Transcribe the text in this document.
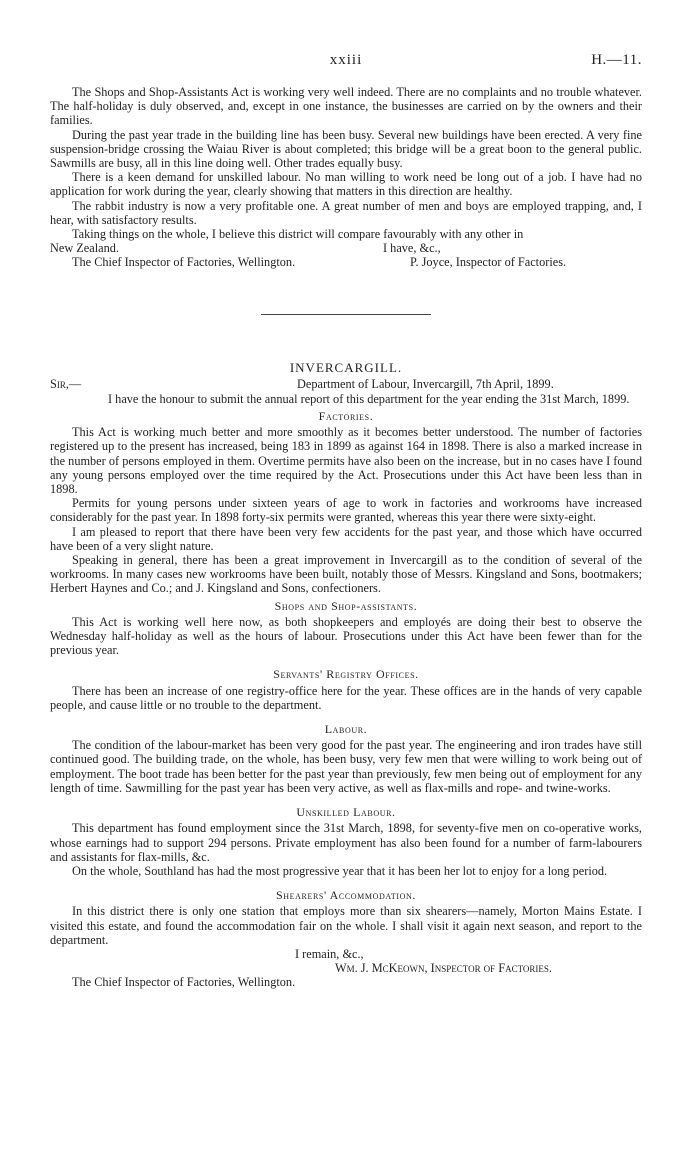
xxiii	H.—11.

The Shops and Shop-Assistants Act is working very well indeed. There are no complaints and no trouble whatever. The half-holiday is duly observed, and, except in one instance, the businesses are carried on by the owners and their families.

During the past year trade in the building line has been busy. Several new buildings have been erected. A very fine suspension-bridge crossing the Waiau River is about completed; this bridge will be a great boon to the general public. Sawmills are busy, all in this line doing well. Other trades equally busy.

There is a keen demand for unskilled labour. No man willing to work need be long out of a job. I have had no application for work during the year, clearly showing that matters in this direction are healthy.

The rabbit industry is now a very profitable one. A great number of men and boys are employed trapping, and, I hear, with satisfactory results.

Taking things on the whole, I believe this district will compare favourably with any other in

New Zealand.	I have, &c.,
The Chief Inspector of Factories, Wellington.	P. Joyce, Inspector of Factories.
INVERCARGILL.
Sir,—	Department of Labour, Invercargill, 7th April, 1899.

I have the honour to submit the annual report of this department for the year ending the 31st March, 1899.

Factories.

This Act is working much better and more smoothly as it becomes better understood. The number of factories registered up to the present has increased, being 183 in 1899 as against 164 in 1898. There is also a marked increase in the number of persons employed in them. Overtime permits have also been on the increase, but in no cases have I found any young persons employed over the time required by the Act. Prosecutions under this Act have been less than in 1898.

Permits for young persons under sixteen years of age to work in factories and workrooms have increased considerably for the past year. In 1898 forty-six permits were granted, whereas this year there were sixty-eight.

I am pleased to report that there have been very few accidents for the past year, and those which have occurred have been of a very slight nature.

Speaking in general, there has been a great improvement in Invercargill as to the condition of several of the workrooms. In many cases new workrooms have been built, notably those of Messrs. Kingsland and Sons, bootmakers; Herbert Haynes and Co.; and J. Kingsland and Sons, confectioners.

Shops and Shop-assistants.

This Act is working well here now, as both shopkeepers and employés are doing their best to observe the Wednesday half-holiday as well as the hours of labour. Prosecutions under this Act have been fewer than for the previous year.

Servants' Registry Offices.

There has been an increase of one registry-office here for the year. These offices are in the hands of very capable people, and cause little or no trouble to the department.

Labour.

The condition of the labour-market has been very good for the past year. The engineering and iron trades have still continued good. The building trade, on the whole, has been busy, very few men that were willing to work being out of employment. The boot trade has been better for the past year than previously, few men being out of employment for any length of time. Sawmilling for the past year has been very active, as well as flax-mills and rope- and twine-works.

Unskilled Labour.

This department has found employment since the 31st March, 1898, for seventy-five men on co-operative works, whose earnings had to support 294 persons. Private employment has also been found for a number of farm-labourers and assistants for flax-mills, &c.

On the whole, Southland has had the most progressive year that it has been her lot to enjoy for a long period.

Shearers' Accommodation.

In this district there is only one station that employs more than six shearers—namely, Morton Mains Estate. I visited this estate, and found the accommodation fair on the whole. I shall visit it again next season, and report to the department.

I remain, &c.,
Wm. J. McKeown, Inspector of Factories.
The Chief Inspector of Factories, Wellington.
